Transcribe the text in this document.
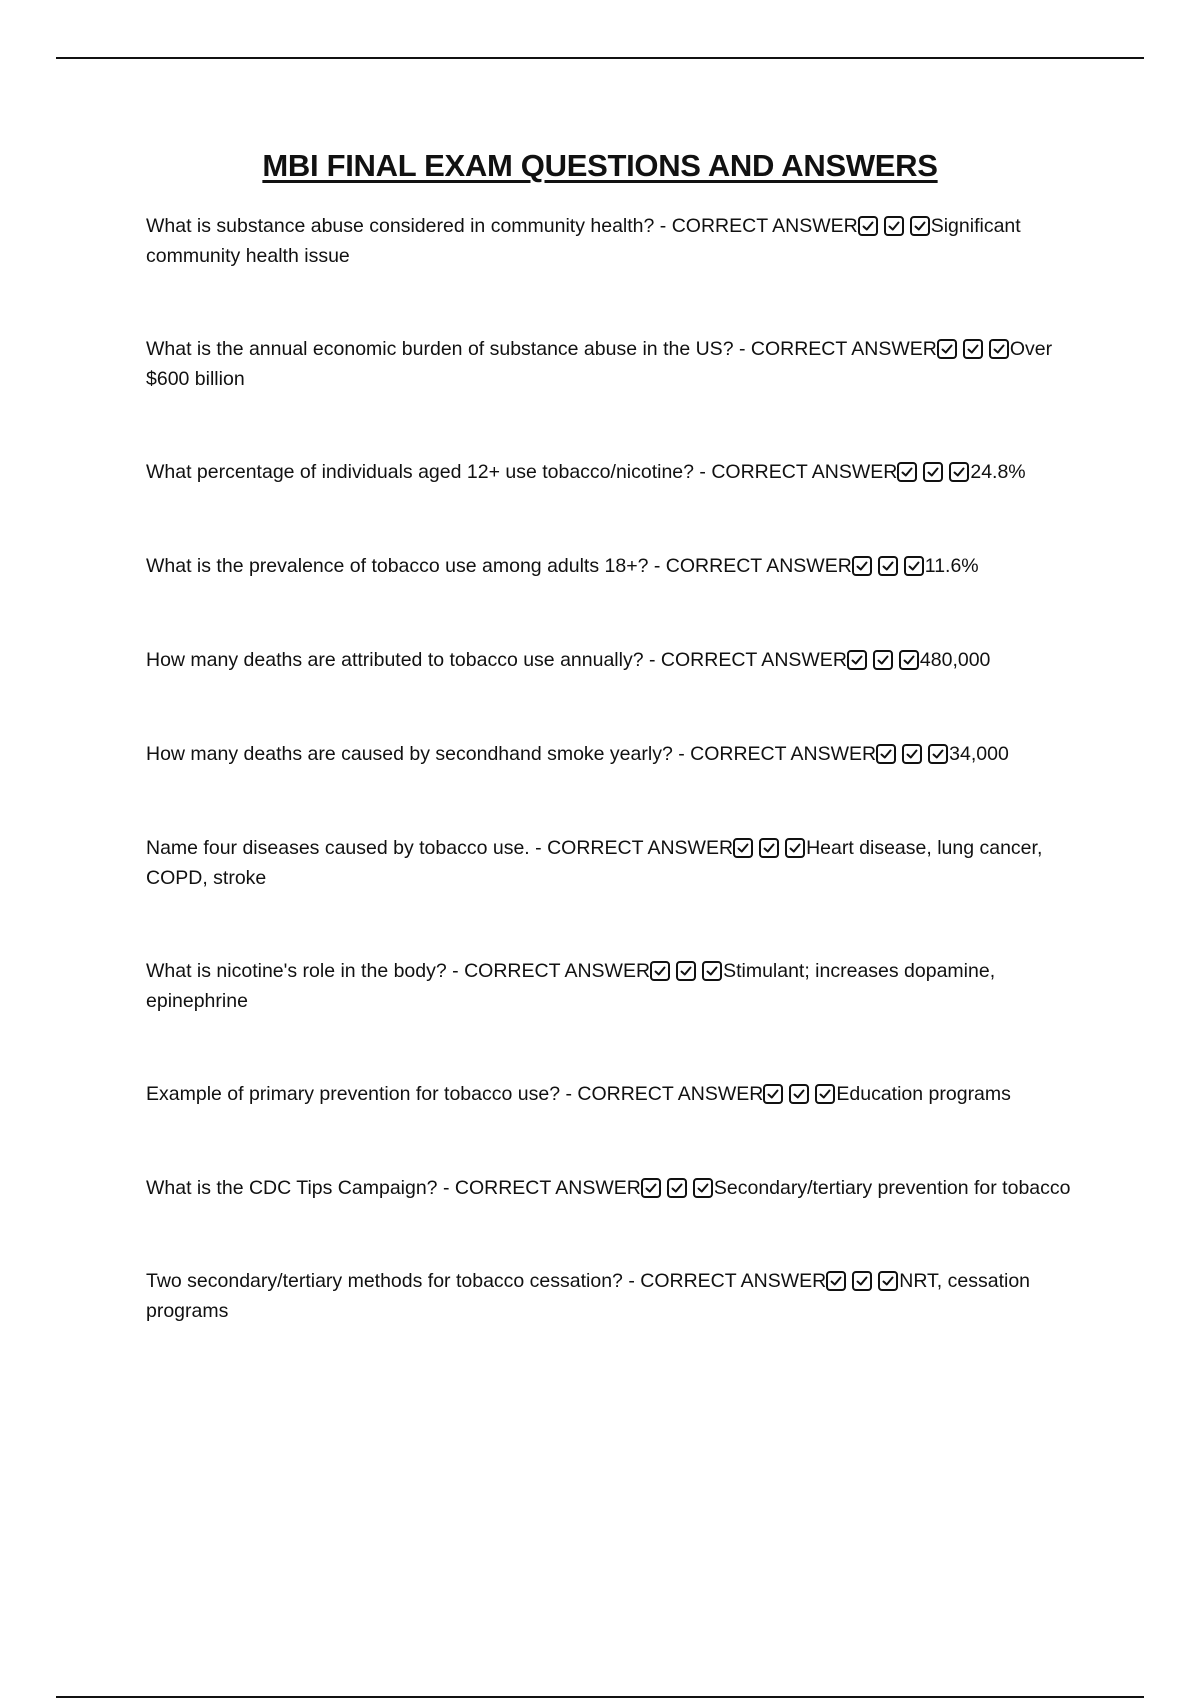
MBI FINAL EXAM QUESTIONS AND ANSWERS
What is substance abuse considered in community health? - CORRECT ANSWER	Significant community health issue
What is the annual economic burden of substance abuse in the US? - CORRECT ANSWER	Over $600 billion
What percentage of individuals aged 12+ use tobacco/nicotine? - CORRECT ANSWER	24.8%
What is the prevalence of tobacco use among adults 18+? - CORRECT ANSWER	11.6%
How many deaths are attributed to tobacco use annually? - CORRECT ANSWER	480,000
How many deaths are caused by secondhand smoke yearly? - CORRECT ANSWER	34,000
Name four diseases caused by tobacco use. - CORRECT ANSWER	Heart disease, lung cancer, COPD, stroke
What is nicotine's role in the body? - CORRECT ANSWER	Stimulant; increases dopamine, epinephrine
Example of primary prevention for tobacco use? - CORRECT ANSWER	Education programs
What is the CDC Tips Campaign? - CORRECT ANSWER	Secondary/tertiary prevention for tobacco
Two secondary/tertiary methods for tobacco cessation? - CORRECT ANSWER	NRT, cessation programs
